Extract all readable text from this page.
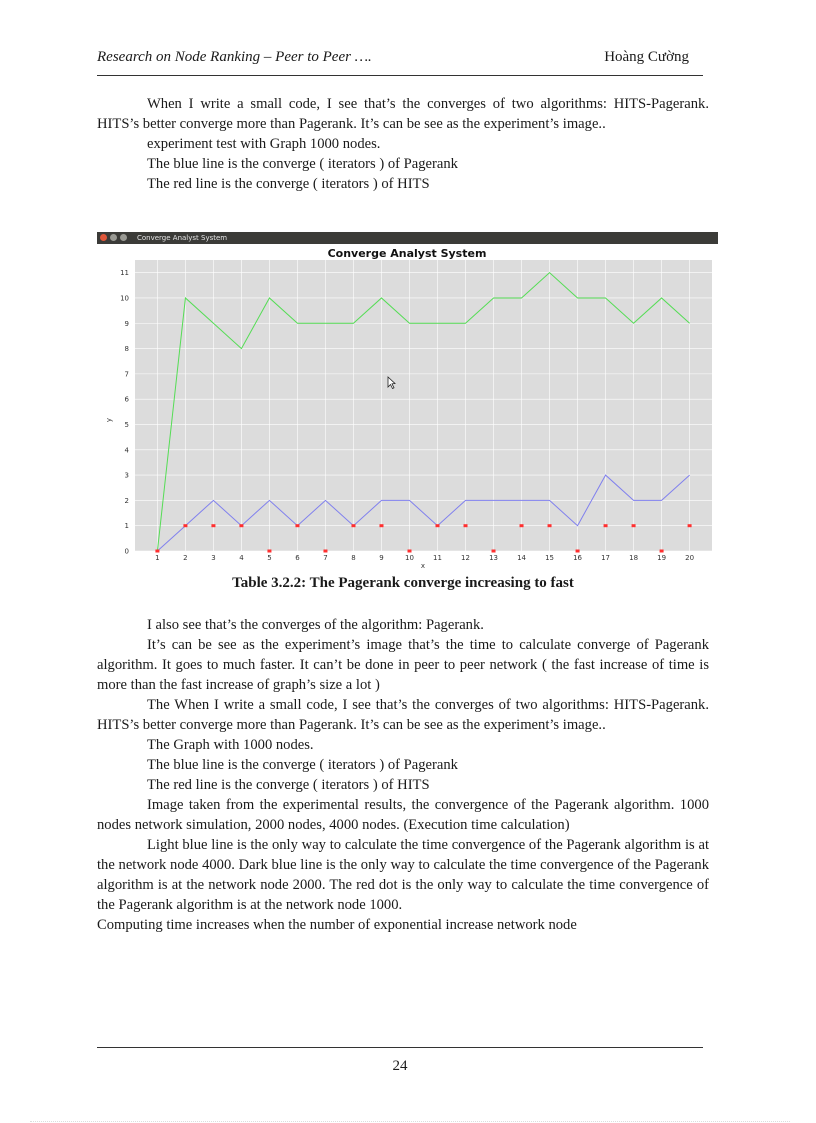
Research on Node Ranking – Peer to Peer ….	Hoàng Cường

When I write a small code, I see that’s the converges of two algorithms: HITS-Pagerank. HITS’s better converge more than Pagerank. It’s can be see as the experiment’s image..

experiment test with Graph 1000 nodes.

The blue line is the converge ( iterators ) of Pagerank

The red line is the converge ( iterators ) of HITS

Converge Analyst System
Converge Analyst System
0
1
2
3
4
5
6
7
8
9
10
11
1	2	3	4	5	6	7	8	9	10	11	12	13	14	15	16	17	18	19	20
x
y
Table 3.2.2: The Pagerank converge increasing to fast

I also see that’s the converges of the algorithm: Pagerank.

It’s can be see as the experiment’s image that’s the time to calculate converge of Pagerank algorithm. It goes to much faster. It can’t be done in peer to peer network ( the fast increase of time is more than the fast increase of graph’s size a lot )

The When I write a small code, I see that’s the converges of two algorithms: HITS-Pagerank. HITS’s better converge more than Pagerank. It’s can be see as the experiment’s image..

The Graph with 1000 nodes.

The blue line is the converge ( iterators ) of Pagerank

The red line is the converge ( iterators ) of HITS

Image taken from the experimental results, the convergence of the Pagerank algorithm. 1000 nodes network simulation, 2000 nodes, 4000 nodes. (Execution time calculation)

Light blue line is the only way to calculate the time convergence of the Pagerank algorithm is at the network node 4000. Dark blue line is the only way to calculate the time convergence of the Pagerank algorithm is at the network node 2000. The red dot is the only way to calculate the time convergence of the Pagerank algorithm is at the network node 1000.

Computing time increases when the number of exponential increase network node

24
